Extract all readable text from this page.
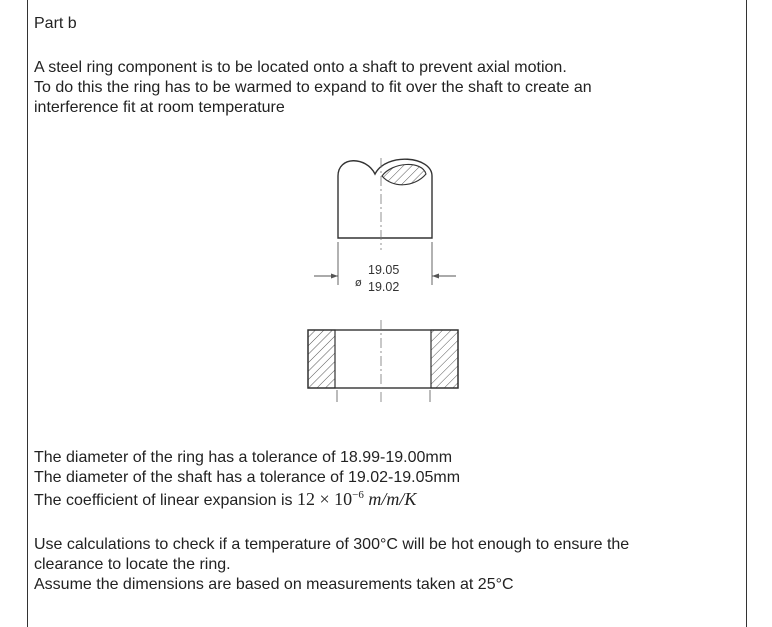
Part b
A steel ring component is to be located onto a shaft to prevent axial motion.
To do this the ring has to be warmed to expand to fit over the shaft to create an
interference fit at room temperature
ø
19.05
19.02
The diameter of the ring has a tolerance of 18.99-19.00mm
The diameter of the shaft has a tolerance of 19.02-19.05mm
The coefficient of linear expansion is $12 \times 10^{-6}$ m/m/K
Use calculations to check if a temperature of 300°C will be hot enough to ensure the
clearance to locate the ring.
Assume the dimensions are based on measurements taken at 25°C
